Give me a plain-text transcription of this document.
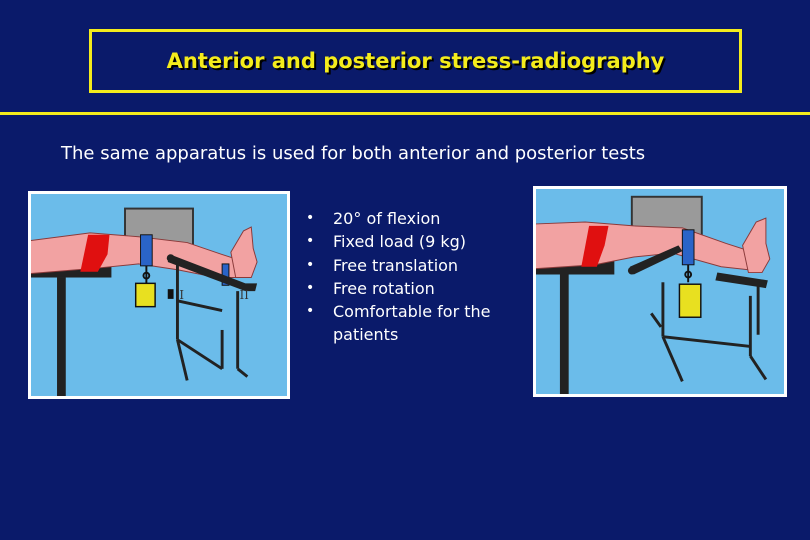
Anterior and posterior stress-radiography
The same apparatus is used for both anterior and posterior tests
I	II
• 20° of flexion
• Fixed load (9 kg)
• Free translation
• Free rotation
• Comfortable for the patients
